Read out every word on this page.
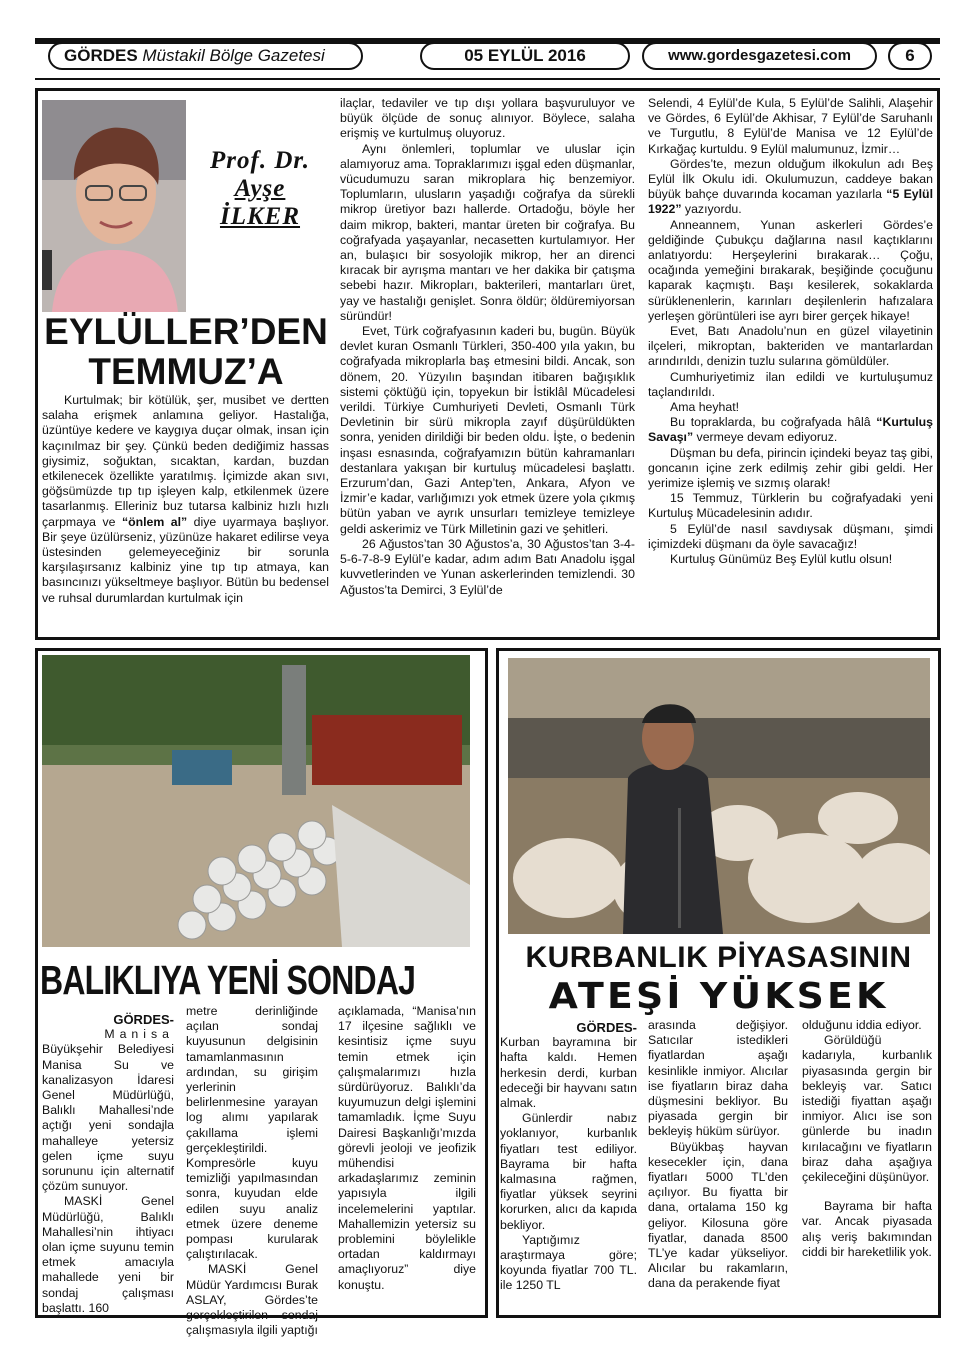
GÖRDES Müstakil Bölge Gazetesi	05 EYLÜL 2016	www.gordesgazetesi.com	6
Prof. Dr.
Ayşe
İLKER
EYLÜLLER’DEN
TEMMUZ’A

Kurtulmak; bir kötülük, şer, musibet ve dertten salaha erişmek anlamına geliyor. Hastalığa, üzüntüye kedere ve kaygıya duçar olmak, insan için kaçınılmaz bir şey. Çünkü beden dediğimiz hassas giysimiz, soğuktan, sıcaktan, kardan, buzdan etkilenecek özellikte yaratılmış. İçimizde akan sıvı, göğsümüzde tıp tıp işleyen kalp, etkilenmek üzere tasarlanmış. Elleriniz buz tutarsa kalbiniz hızlı hızlı çarpmaya ve “önlem al” diye uyarmaya başlıyor. Bir şeye üzülürseniz, yüzünüze hakaret edilirse veya üstesinden gelemeyeceğiniz bir sorunla karşılaşırsanız kalbiniz yine tıp tıp atmaya, kan basıncınızı yükseltmeye başlıyor. Bütün bu bedensel ve ruhsal durumlardan kurtulmak için

ilaçlar, tedaviler ve tıp dışı yollara başvuruluyor ve büyük ölçüde de sonuç alınıyor. Böylece, salaha erişmiş ve kurtulmuş oluyoruz.

Aynı önlemleri, toplumlar ve uluslar için alamıyoruz ama. Topraklarımızı işgal eden düşmanlar, vücudumuzu saran mikroplara hiç benzemiyor. Toplumların, ulusların yaşadığı coğrafya da sürekli mikrop üretiyor bazı hallerde. Ortadoğu, böyle her daim mikrop, bakteri, mantar üreten bir coğrafya. Bu coğrafyada yaşayanlar, necasetten kurtulamıyor. Her an, bulaşıcı bir sosyolojik mikrop, her an direnci kıracak bir ayrışma mantarı ve her dakika bir çatışma sebebi hazır. Mikropları, bakterileri, mantarları üret, yay ve hastalığı genişlet. Sonra öldür; öldüremiyorsan süründür!

Evet, Türk coğrafyasının kaderi bu, bugün. Büyük devlet kuran Osmanlı Türkleri, 350-400 yıla yakın, bu coğrafyada mikroplarla baş etmesini bildi. Ancak, son dönem, 20. Yüzyılın başından itibaren bağışıklık sistemi çöktüğü için, topyekun bir İstiklâl Mücadelesi verildi. Türkiye Cumhuriyeti Devleti, Osmanlı Türk Devletinin bir sürü mikropla zayıf düşürüldükten sonra, yeniden dirildiği bir beden oldu. İşte, o bedenin inşası esnasında, coğrafyamızın bütün kahramanları destanlara yakışan bir kurtuluş mücadelesi başlattı. Erzurum’dan, Gazi Antep’ten, Ankara, Afyon ve İzmir’e kadar, varlığımızı yok etmek üzere yola çıkmış bütün yaban ve ayrık unsurları temizleye temizleye geldi askerimiz ve Türk Milletinin gazi ve şehitleri.

26 Ağustos’tan 30 Ağustos’a, 30 Ağustos’tan 3-4-5-6-7-8-9 Eylül’e kadar, adım adım Batı Anadolu işgal kuvvetlerinden ve Yunan askerlerinden temizlendi. 30 Ağustos’ta Demirci, 3 Eylül’de

Selendi, 4 Eylül’de Kula, 5 Eylül’de Salihli, Alaşehir ve Gördes, 6 Eylül’de Akhisar, 7 Eylül’de Saruhanlı ve Turgutlu, 8 Eylül’de Manisa ve 12 Eylül’de Kırkağaç kurtuldu. 9 Eylül malumunuz, İzmir…

Gördes’te, mezun olduğum ilkokulun adı Beş Eylül İlk Okulu idi. Okulumuzun, caddeye bakan büyük bahçe duvarında kocaman yazılarla “5 Eylül 1922” yazıyordu.

Anneannem, Yunan askerleri Gördes’e geldiğinde Çubukçu dağlarına nasıl kaçtıklarını anlatıyordu: Herşeylerini bırakarak… Çoğu, ocağında yemeğini bırakarak, beşiğinde çocuğunu kaparak kaçmıştı. Başı kesilerek, sokaklarda sürüklenenlerin, karınları deşilenlerin hafızalara yerleşen görüntüleri ise ayrı birer gerçek hikaye!

Evet, Batı Anadolu’nun en güzel vilayetinin ilçeleri, mikroptan, bakteriden ve mantarlardan arındırıldı, denizin tuzlu sularına gömüldüler.

Cumhuriyetimiz ilan edildi ve kurtuluşumuz taçlandırıldı.

Ama heyhat!

Bu topraklarda, bu coğrafyada hâlâ “Kurtuluş Savaşı” vermeye devam ediyoruz.

Düşman bu defa, pirincin içindeki beyaz taş gibi, goncanın içine zerk edilmiş zehir gibi geldi. Her yerimize işlemiş ve sızmış olarak!

15 Temmuz, Türklerin bu coğrafyadaki yeni Kurtuluş Mücadelesinin adıdır.

5 Eylül’de nasıl savdıysak düşmanı, şimdi içimizdeki düşmanı da öyle savacağız!

Kurtuluş Günümüz Beş Eylül kutlu olsun!

BALIKLIYA YENİ SONDAJ

GÖRDES-

Manisa

Büyükşehir Belediyesi Manisa Su ve kanalizasyon İdaresi Genel Müdürlüğü, Balıklı Mahallesi’nde açtığı yeni sondajla mahalleye yetersiz gelen içme suyu sorununu için alternatif çözüm sunuyor.

MASKİ Genel Müdürlüğü, Balıklı Mahallesi’nin ihtiyacı olan içme suyunu temin etmek amacıyla mahallede yeni bir sondaj çalışması başlattı. 160

metre derinliğinde açılan sondaj kuyusunun delgisinin tamamlanmasının ardından, su girişim yerlerinin belirlenmesine yarayan log alımı yapılarak çakıllama işlemi gerçekleştirildi. Kompresörle kuyu temizliği yapılmasından sonra, kuyudan elde edilen suyu analiz etmek üzere deneme pompası kurularak çalıştırılacak.

MASKİ Genel Müdür Yardımcısı Burak ASLAY, Gördes’te gerçekleştirilen sondaj çalışmasıyla ilgili yaptığı

açıklamada, “Manisa’nın 17 ilçesine sağlıklı ve kesintisiz içme suyu temin etmek için çalışmalarımızı hızla sürdürüyoruz. Balıklı’da kuyumuzun delgi işlemini tamamladık. İçme Suyu Dairesi Başkanlığı’mızda görevli jeoloji ve jeofizik mühendisi arkadaşlarımız zeminin yapısıyla ilgili incelemelerini yaptılar. Mahallemizin yetersiz su problemini böylelikle ortadan kaldırmayı amaçlıyoruz” diye konuştu.

KURBANLIK PİYASASININ
ATEŞİ YÜKSEK

GÖRDES-

Kurban bayramına bir hafta kaldı. Hemen herkesin derdi, kurban edeceği bir hayvanı satın almak.

Günlerdir nabız yoklanıyor, kurbanlık fiyatları test ediliyor. Bayrama bir hafta kalmasına rağmen, fiyatlar yüksek seyrini korurken, alıcı da kapıda bekliyor.

Yaptığımız araştırmaya göre; koyunda fiyatlar 700 TL. ile 1250 TL

arasında değişiyor. Satıcılar istedikleri fiyatlardan aşağı kesinlikle inmiyor. Alıcılar ise fiyatların biraz daha düşmesini bekliyor. Bu piyasada gergin bir bekleyiş hüküm sürüyor.

Büyükbaş hayvan kesecekler için, dana fiyatları 5000 TL’den açılıyor. Bu fiyatta bir dana, ortalama 150 kg geliyor. Kilosuna göre fiyatlar, danada 8500 TL’ye kadar yükseliyor. Alıcılar bu rakamların, dana da perakende fiyat

olduğunu iddia ediyor.

Görüldüğü kadarıyla, kurbanlık piyasasında gergin bir bekleyiş var. Satıcı istediği fiyattan aşağı inmiyor. Alıcı ise son günlerde bu inadın kırılacağını ve fiyatların biraz daha aşağıya çekileceğini düşünüyor.

Bayrama bir hafta var. Ancak piyasada alış veriş bakımından ciddi bir hareketlilik yok.
